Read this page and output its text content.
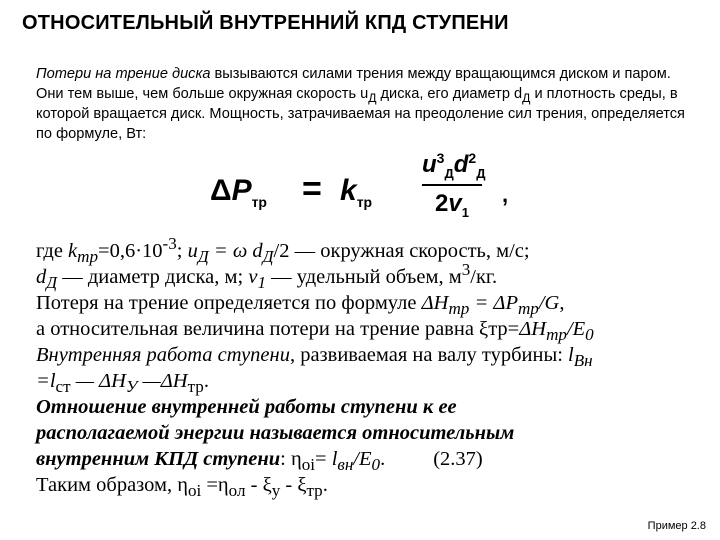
ОТНОСИТЕЛЬНЫЙ ВНУТРЕННИЙ КПД СТУПЕНИ
Потери на трение диска вызываются силами трения между вращающимся диском и паром. Они тем выше, чем больше окружная скорость $u_Д$ диска, его диаметр $d_Д$ и плотность среды, в которой вращается диск. Мощность, затрачиваемая на преодоление сил трения, определяется по формуле, Вт:
$\Delta P_{тр} = k_{тр}$
$u^3_Дd^2_Д$
$2v_1$
,
где $k_{тр}=0,6\cdot 10^{-3}$; $u_Д = \omega$ $d_Д/2$ — окружная скорость, м/с;
$d_Д$ — диаметр диска, м; $v_1$ — удельный объем, $м^3/кг$.
Потеря на трение определяется по формуле $\Delta H_{тр} = \Delta P_{тр}/G$,
а относительная величина потери на трение равна $\xi тр=\Delta H_{тр}/E_0$
Внутренняя работа ступени, развиваемая на валу турбины: $l_{Вн}$
$=l_{ст}$ — $\Delta H_У$ $—\Delta H_{тр}$.
Отношение внутренней работы ступени к ее
располагаемой энергии называется относительным
внутренним КПД ступени: $\eta_{oi}= l_{вн}/E_0$. (2.37)
Таким образом, $\eta_{oi} =\eta_{ол} - \xi_у - \xi_{тр}$.
Пример 2.8
